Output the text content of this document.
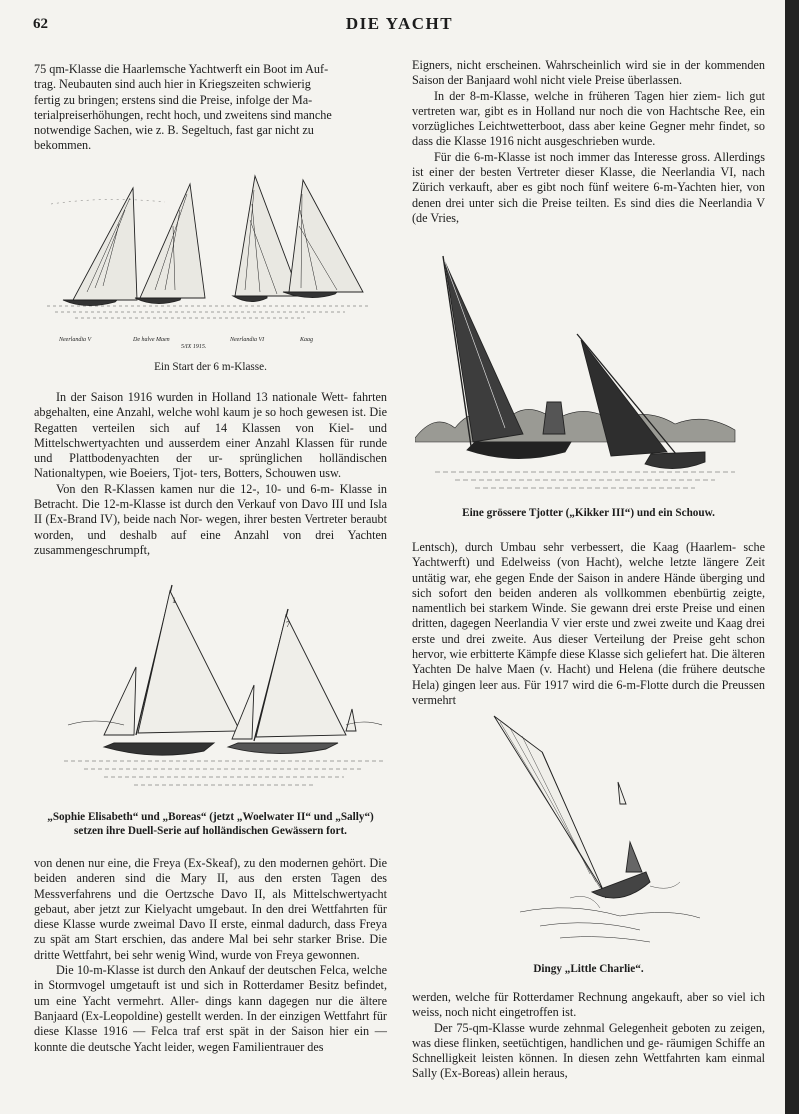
62	DIE YACHT
75 qm-Klasse die Haarlemsche Yachtwerft ein Boot im Auf-
trag. Neubauten sind auch hier in Kriegszeiten schwierig
fertig zu bringen; erstens sind die Preise, infolge der Ma-
terialpreiserhöhungen, recht hoch, und zweitens sind manche
notwendige Sachen, wie z. B. Segeltuch, fast gar nicht zu
bekommen.
Neerlandia V	De halve Maen	Neerlandia VI	Kaag
5/IX 1915.
Ein Start der 6 m-Klasse.

In der Saison 1916 wurden in Holland 13 nationale Wett- fahrten abgehalten, eine Anzahl, welche wohl kaum je so hoch gewesen ist. Die Regatten verteilen sich auf 14 Klassen von Kiel- und Mittelschwertyachten und ausserdem einer Anzahl Klassen für runde und Plattbodenyachten der ur- sprünglichen holländischen Nationaltypen, wie Boeiers, Tjot- ters, Botters, Schouwen usw.

Von den R-Klassen kamen nur die 12-, 10- und 6-m- Klasse in Betracht. Die 12-m-Klasse ist durch den Verkauf von Davo III und Isla II (Ex-Brand IV), beide nach Nor- wegen, ihrer besten Vertreter beraubt worden, und deshalb auf eine Anzahl von drei Yachten zusammengeschrumpft,

1
7
„Sophie Elisabeth“ und „Boreas“ (jetzt „Woelwater II“ und „Sally“)
setzen ihre Duell-Serie auf holländischen Gewässern fort.

von denen nur eine, die Freya (Ex-Skeaf), zu den modernen gehört. Die beiden anderen sind die Mary II, aus den ersten Tagen des Messverfahrens und die Oertzsche Davo II, als Mittelschwertyacht gebaut, aber jetzt zur Kielyacht umgebaut. In den drei Wettfahrten für diese Klasse wurde zweimal Davo II erste, einmal dadurch, dass Freya zu spät am Start erschien, das andere Mal bei sehr starker Brise. Die dritte Wettfahrt, bei sehr wenig Wind, wurde von Freya gewonnen.

Die 10-m-Klasse ist durch den Ankauf der deutschen Felca, welche in Stormvogel umgetauft ist und sich in Rotterdamer Besitz befindet, um eine Yacht vermehrt. Aller- dings kann dagegen nur die ältere Banjaard (Ex-Leopoldine) gestellt werden. In der einzigen Wettfahrt für diese Klasse 1916 — Felca traf erst spät in der Saison hier ein — konnte die deutsche Yacht leider, wegen Familientrauer des

Eigners, nicht erscheinen. Wahrscheinlich wird sie in der kommenden Saison der Banjaard wohl nicht viele Preise überlassen.

In der 8-m-Klasse, welche in früheren Tagen hier ziem- lich gut vertreten war, gibt es in Holland nur noch die von Hachtsche Ree, ein vorzügliches Leichtwetterboot, dass aber keine Gegner mehr findet, so dass die Klasse 1916 nicht ausgeschrieben wurde.

Für die 6-m-Klasse ist noch immer das Interesse gross. Allerdings ist einer der besten Vertreter dieser Klasse, die Neerlandia VI, nach Zürich verkauft, aber es gibt noch fünf weitere 6-m-Yachten hier, von denen drei unter sich die Preise teilten. Es sind dies die Neerlandia V (de Vries,

Eine grössere Tjotter („Kikker III“) und ein Schouw.

Lentsch), durch Umbau sehr verbessert, die Kaag (Haarlem- sche Yachtwerft) und Edelweiss (von Hacht), welche letzte längere Zeit untätig war, ehe gegen Ende der Saison in andere Hände überging und sich sofort den beiden anderen als vollkommen ebenbürtig zeigte, namentlich bei starkem Winde. Sie gewann drei erste Preise und einen dritten, dagegen Neerlandia V vier erste und zwei zweite und Kaag drei erste und drei zweite. Aus dieser Verteilung der Preise geht schon hervor, wie erbitterte Kämpfe diese Klasse sich geliefert hat. Die älteren Yachten De halve Maen (v. Hacht) und Helena (die frühere deutsche Hela) gingen leer aus. Für 1917 wird die 6-m-Flotte durch die Preussen vermehrt

Dingy „Little Charlie“.

werden, welche für Rotterdamer Rechnung angekauft, aber so viel ich weiss, noch nicht eingetroffen ist.

Der 75-qm-Klasse wurde zehnmal Gelegenheit geboten zu zeigen, was diese flinken, seetüchtigen, handlichen und ge- räumigen Schiffe an Schnelligkeit leisten können. In diesen zehn Wettfahrten kam einmal Sally (Ex-Boreas) allein heraus,
